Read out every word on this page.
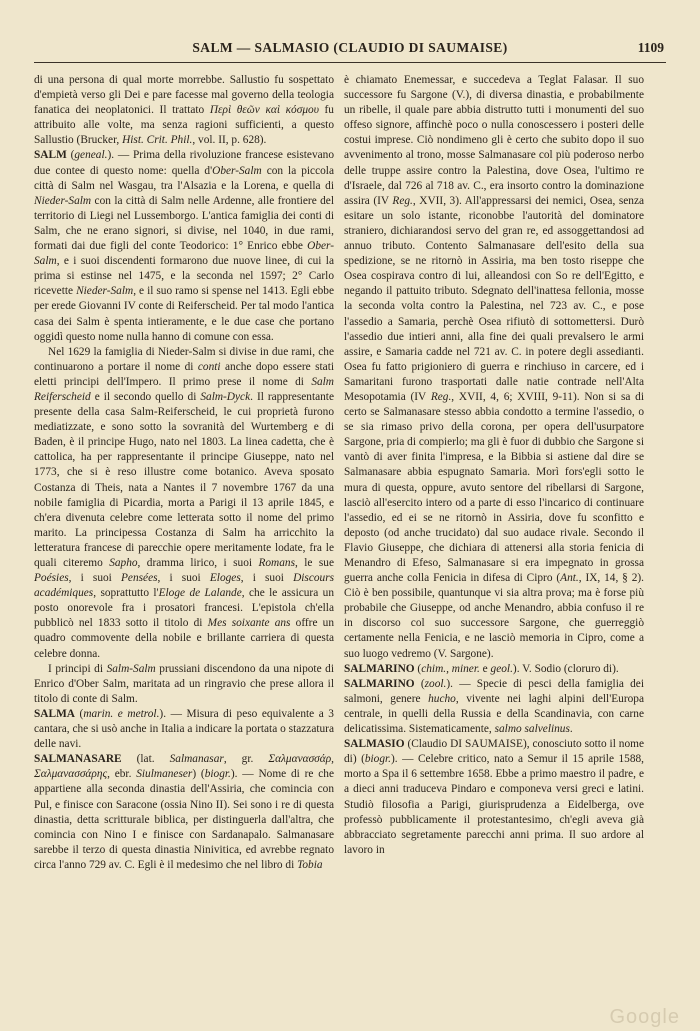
SALM — SALMASIO (CLAUDIO DI SAUMAISE)	1109

di una persona di qual morte morrebbe. Sallustio fu sospettato d'empietà verso gli Dei e pare facesse mal governo della teologia fanatica dei neoplatonici. Il trattato Περὶ θεῶν καὶ κόσμου fu attribuito alle volte, ma senza ragioni sufficienti, a questo Sallustio (Brucker, Hist. Crit. Phil., vol. II, p. 628).

SALM (geneal.). — Prima della rivoluzione francese esistevano due contee di questo nome: quella d'Ober-Salm con la piccola città di Salm nel Wasgau, tra l'Alsazia e la Lorena, e quella di Nieder-Salm con la città di Salm nelle Ardenne, alle frontiere del territorio di Liegi nel Lussemborgo. L'antica famiglia dei conti di Salm, che ne erano signori, si divise, nel 1040, in due rami, formati dai due figli del conte Teodorico: 1° Enrico ebbe Ober-Salm, e i suoi discendenti formarono due nuove linee, di cui la prima si estinse nel 1475, e la seconda nel 1597; 2° Carlo ricevette Nieder-Salm, e il suo ramo si spense nel 1413. Egli ebbe per erede Giovanni IV conte di Reiferscheid. Per tal modo l'antica casa dei Salm è spenta intieramente, e le due case che portano oggidì questo nome nulla hanno di comune con essa.

Nel 1629 la famiglia di Nieder-Salm si divise in due rami, che continuarono a portare il nome di conti anche dopo essere stati eletti principi dell'Impero. Il primo prese il nome di Salm Reiferscheid e il secondo quello di Salm-Dyck. Il rappresentante presente della casa Salm-Reiferscheid, le cui proprietà furono mediatizzate, e sono sotto la sovranità del Wurtemberg e di Baden, è il principe Hugo, nato nel 1803. La linea cadetta, che è cattolica, ha per rappresentante il principe Giuseppe, nato nel 1773, che si è reso illustre come botanico. Aveva sposato Costanza di Theis, nata a Nantes il 7 novembre 1767 da una nobile famiglia di Picardia, morta a Parigi il 13 aprile 1845, e ch'era divenuta celebre come letterata sotto il nome del primo marito. La principessa Costanza di Salm ha arricchito la letteratura francese di parecchie opere meritamente lodate, fra le quali citeremo Sapho, dramma lirico, i suoi Romans, le sue Poésies, i suoi Pensées, i suoi Eloges, i suoi Discours académiques, soprattutto l'Eloge de Lalande, che le assicura un posto onorevole fra i prosatori francesi. L'epistola ch'ella pubblicò nel 1833 sotto il titolo di Mes soixante ans offre un quadro commovente della nobile e brillante carriera di questa celebre donna.

I principi di Salm-Salm prussiani discendono da una nipote di Enrico d'Ober Salm, maritata ad un ringravio che prese allora il titolo di conte di Salm.

SALMA (marin. e metrol.). — Misura di peso equivalente a 3 cantara, che si usò anche in Italia a indicare la portata o stazzatura delle navi.

SALMANASARE (lat. Salmanasar, gr. Σαλμανασσάρ, Σαλμανασσάρης, ebr. Siulmaneser) (biogr.). — Nome di re che appartiene alla seconda dinastia dell'Assiria, che comincia con Pul, e finisce con Saracone (ossia Nino II). Sei sono i re di questa dinastia, detta scritturale biblica, per distinguerla dall'altra, che comincia con Nino I e finisce con Sardanapalo. Salmanasare sarebbe il terzo di questa dinastia Ninivitica, ed avrebbe regnato circa l'anno 729 av. C. Egli è il medesimo che nel libro di Tobia

è chiamato Enemessar, e succedeva a Teglat Falasar. Il suo successore fu Sargone (V.), di diversa dinastia, e probabilmente un ribelle, il quale pare abbia distrutto tutti i monumenti del suo offeso signore, affinchè poco o nulla conoscessero i posteri delle costui imprese. Ciò nondimeno gli è certo che subito dopo il suo avvenimento al trono, mosse Salmanasare col più poderoso nerbo delle truppe assire contro la Palestina, dove Osea, l'ultimo re d'Israele, dal 726 al 718 av. C., era insorto contro la dominazione assira (IV Reg., XVII, 3). All'appressarsi dei nemici, Osea, senza esitare un solo istante, riconobbe l'autorità del dominatore straniero, dichiarandosi servo del gran re, ed assoggettandosi ad annuo tributo. Contento Salmanasare dell'esito della sua spedizione, se ne ritornò in Assiria, ma ben tosto riseppe che Osea cospirava contro di lui, alleandosi con So re dell'Egitto, e negando il pattuito tributo. Sdegnato dell'inattesa fellonia, mosse la seconda volta contro la Palestina, nel 723 av. C., e pose l'assedio a Samaria, perchè Osea rifiutò di sottomettersi. Durò l'assedio due intieri anni, alla fine dei quali prevalsero le armi assire, e Samaria cadde nel 721 av. C. in potere degli assedianti. Osea fu fatto prigioniero di guerra e rinchiuso in carcere, ed i Samaritani furono trasportati dalle natie contrade nell'Alta Mesopotamia (IV Reg., XVII, 4, 6; XVIII, 9-11). Non si sa di certo se Salmanasare stesso abbia condotto a termine l'assedio, o se sia rimaso privo della corona, per opera dell'usurpatore Sargone, pria di compierlo; ma gli è fuor di dubbio che Sargone si vantò di aver finita l'impresa, e la Bibbia si astiene dal dire se Salmanasare abbia espugnato Samaria. Morì fors'egli sotto le mura di questa, oppure, avuto sentore del ribellarsi di Sargone, lasciò all'esercito intero od a parte di esso l'incarico di continuare l'assedio, ed ei se ne ritornò in Assiria, dove fu sconfitto e deposto (od anche trucidato) dal suo audace rivale. Secondo il Flavio Giuseppe, che dichiara di attenersi alla storia fenicia di Menandro di Efeso, Salmanasare si era impegnato in grossa guerra anche colla Fenicia in difesa di Cipro (Ant., IX, 14, § 2). Ciò è ben possibile, quantunque vi sia altra prova; ma è forse più probabile che Giuseppe, od anche Menandro, abbia confuso il re in discorso col suo successore Sargone, che guerreggiò certamente nella Fenicia, e ne lasciò memoria in Cipro, come a suo luogo vedremo (V. Sargone).

SALMARINO (chim., miner. e geol.). V. Sodio (cloruro di).

SALMARINO (zool.). — Specie di pesci della famiglia dei salmoni, genere hucho, vivente nei laghi alpini dell'Europa centrale, in quelli della Russia e della Scandinavia, con carne delicatissima. Sistematicamente, salmo salvelinus.

SALMASIO (Claudio DI SAUMAISE), conosciuto sotto il nome di) (biogr.). — Celebre critico, nato a Semur il 15 aprile 1588, morto a Spa il 6 settembre 1658. Ebbe a primo maestro il padre, e a dieci anni traduceva Pindaro e componeva versi greci e latini. Studiò filosofia a Parigi, giurisprudenza a Eidelberga, ove professò pubblicamente il protestantesimo, ch'egli aveva già abbracciato segretamente parecchi anni prima. Il suo ardore al lavoro in

Google
